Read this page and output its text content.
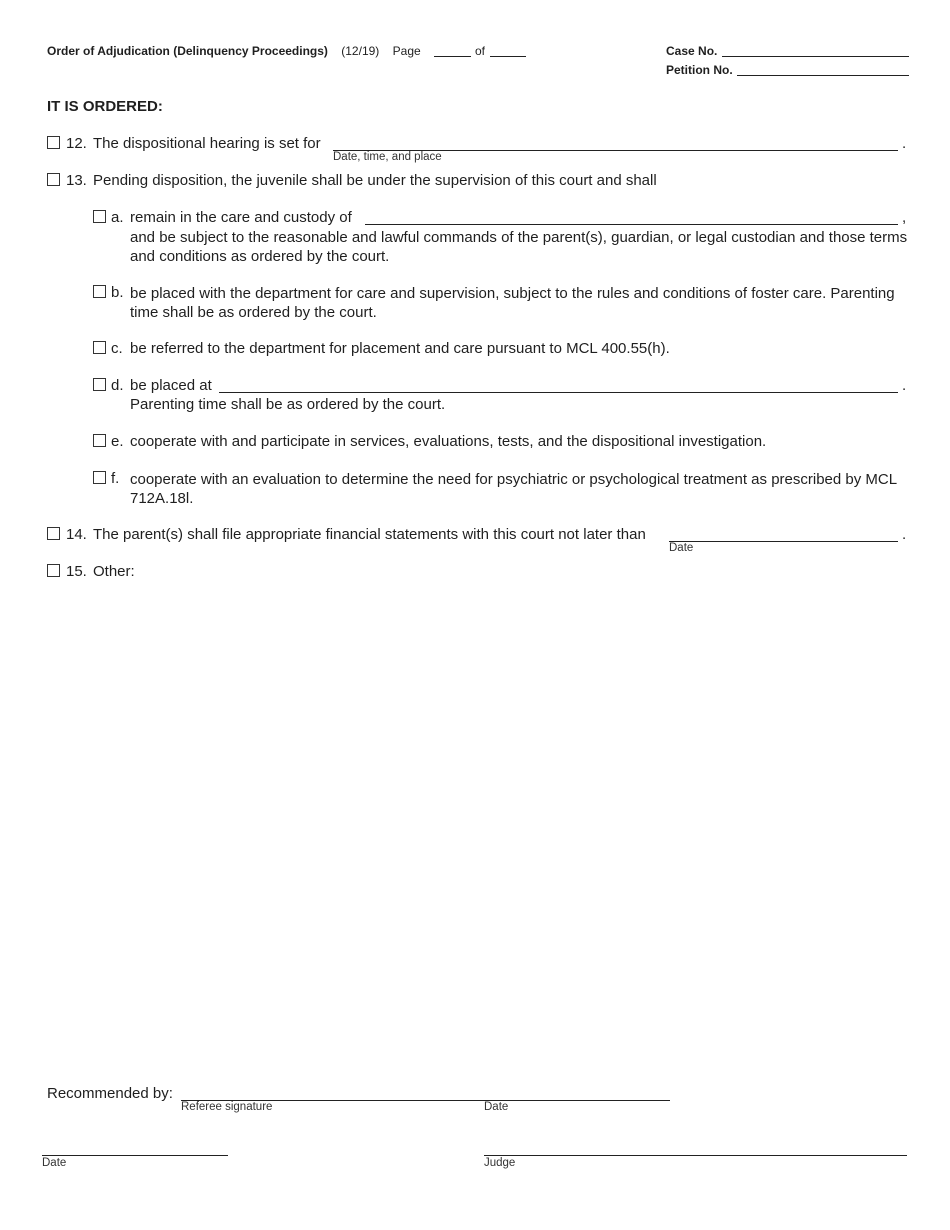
Order of Adjudication (Delinquency Proceedings) (12/19) Page	of	Case No.
Petition No.
IT IS ORDERED:
12. The dispositional hearing is set for	.
Date, time, and place
13. Pending disposition, the juvenile shall be under the supervision of this court and shall
a. remain in the care and custody of	,
and be subject to the reasonable and lawful commands of the parent(s), guardian, or legal custodian and those terms and conditions as ordered by the court.
b. be placed with the department for care and supervision, subject to the rules and conditions of foster care. Parenting time shall be as ordered by the court.
c. be referred to the department for placement and care pursuant to MCL 400.55(h).
d. be placed at	.
Parenting time shall be as ordered by the court.
e. cooperate with and participate in services, evaluations, tests, and the dispositional investigation.
f. cooperate with an evaluation to determine the need for psychiatric or psychological treatment as prescribed by MCL 712A.18l.
14. The parent(s) shall file appropriate financial statements with this court not later than	.
Date
15. Other:
Recommended by:
Referee signature	Date
Date	Judge
